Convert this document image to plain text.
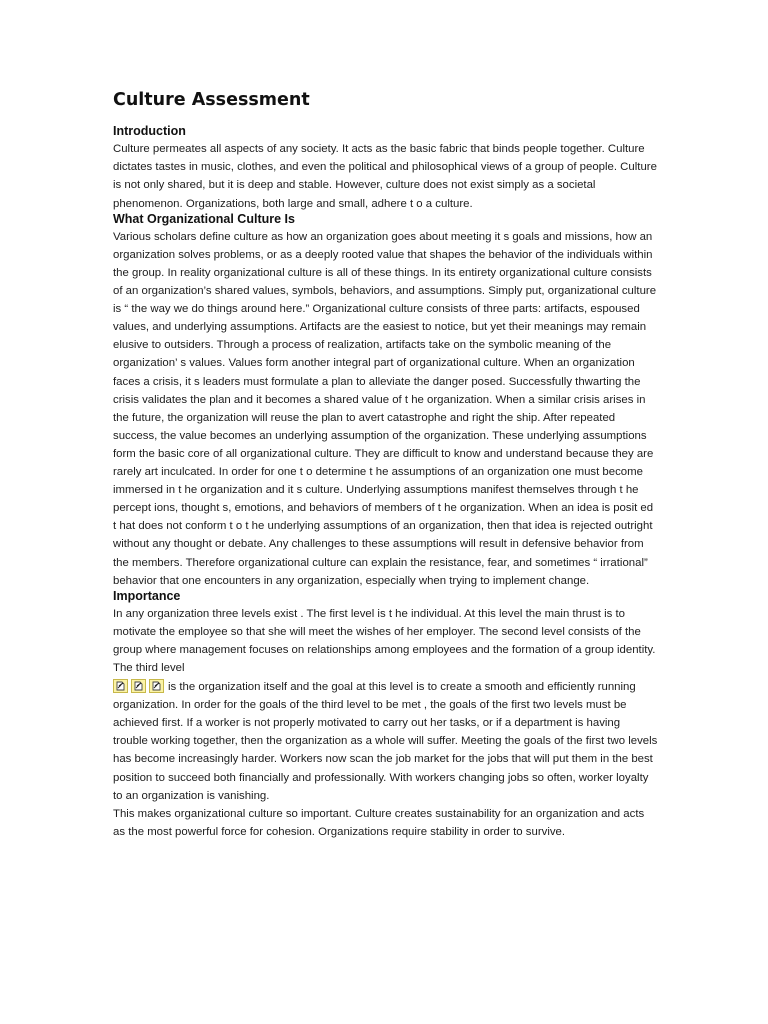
Culture Assessment
Introduction

Culture permeates all aspects of any society. It acts as the basic fabric that binds people together. Culture dictates tastes in music, clothes, and even the political and philosophical views of a group of people. Culture is not only shared, but it is deep and stable. However, culture does not exist simply as a societal phenomenon. Organizations, both large and small, adhere t o a culture.

What Organizational Culture Is

Various scholars define culture as how an organization goes about meeting it s goals and missions, how an organization solves problems, or as a deeply rooted value that shapes the behavior of the individuals within the group. In reality organizational culture is all of these things. In its entirety organizational culture consists of an organization’s shared values, symbols, behaviors, and assumptions. Simply put, organizational culture is “ the way we do things around here.” Organizational culture consists of three parts: artifacts, espoused values, and underlying assumptions. Artifacts are the easiest to notice, but yet their meanings may remain elusive to outsiders. Through a process of realization, artifacts take on the symbolic meaning of the organization’ s values. Values form another integral part of organizational culture. When an organization faces a crisis, it s leaders must formulate a plan to alleviate the danger posed. Successfully thwarting the crisis validates the plan and it becomes a shared value of t he organization. When a similar crisis arises in the future, the organization will reuse the plan to avert catastrophe and right the ship. After repeated success, the value becomes an underlying assumption of the organization. These underlying assumptions form the basic core of all organizational culture. They are difficult to know and understand because they are rarely art inculcated. In order for one t o determine t he assumptions of an organization one must become immersed in t he organization and it s culture. Underlying assumptions manifest themselves through t he percept ions, thought s, emotions, and behaviors of members of t he organization. When an idea is posit ed t hat does not conform t o t he underlying assumptions of an organization, then that idea is rejected outright without any thought or debate. Any challenges to these assumptions will result in defensive behavior from the members. Therefore organizational culture can explain the resistance, fear, and sometimes “ irrational” behavior that one encounters in any organization, especially when trying to implement change.

Importance

In any organization three levels exist . The first level is t he individual. At this level the main thrust is to motivate the employee so that she will meet the wishes of her employer. The second level consists of the group where management focuses on relationships among employees and the formation of a group identity. The third level

is the organization itself and the goal at this level is to create a smooth and efficiently running organization. In order for the goals of the third level to be met , the goals of the first two levels must be achieved first. If a worker is not properly motivated to carry out her tasks, or if a department is having trouble working together, then the organization as a whole will suffer. Meeting the goals of the first two levels has become increasingly harder. Workers now scan the job market for the jobs that will put them in the best position to succeed both financially and professionally. With workers changing jobs so often, worker loyalty to an organization is vanishing.

This makes organizational culture so important. Culture creates sustainability for an organization and acts as the most powerful force for cohesion. Organizations require stability in order to survive.
